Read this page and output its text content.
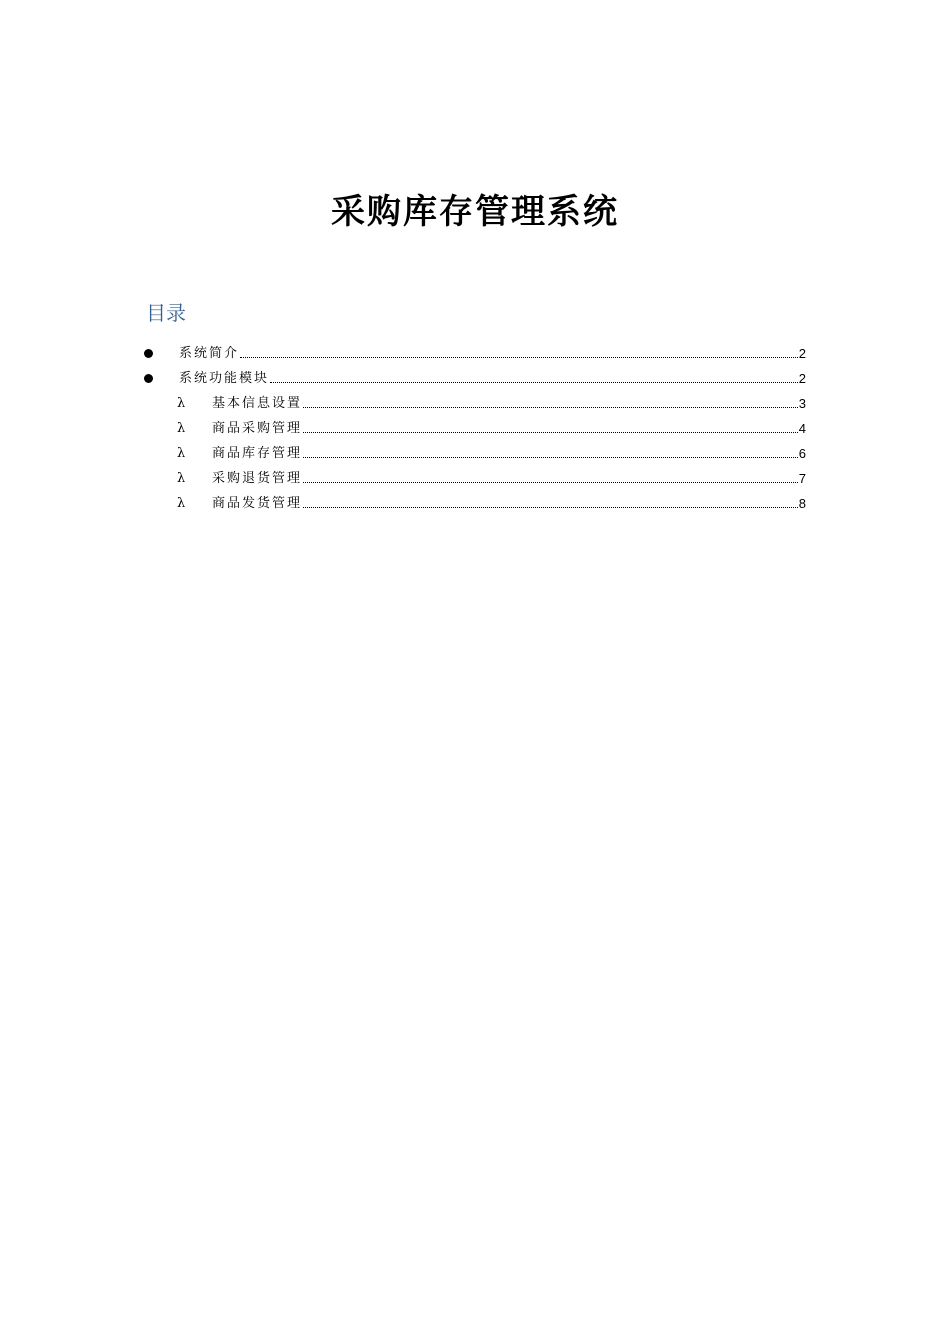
采购库存管理系统
目录
系统简介	2
系统功能模块	2
λ 基本信息设置	3
λ 商品采购管理	4
λ 商品库存管理	6
λ 采购退货管理	7
λ 商品发货管理	8
